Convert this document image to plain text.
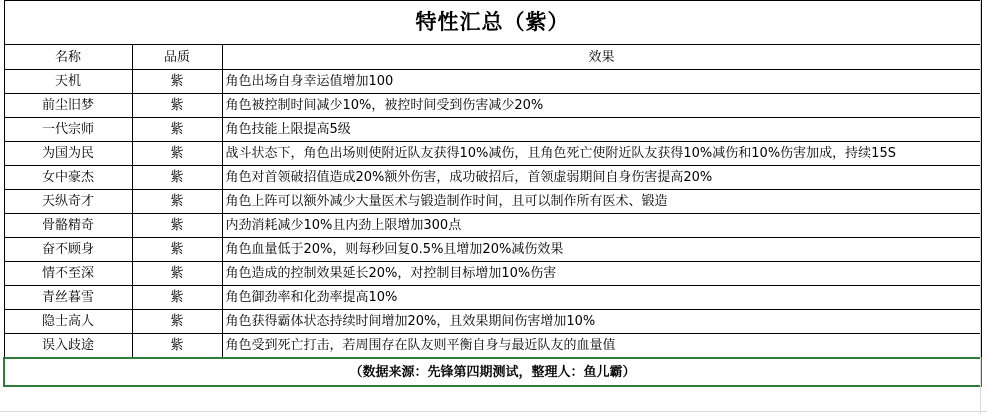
特性汇总（紫）		
名称	品质	效果
天机	紫	角色出场自身幸运值增加100
前尘旧梦	紫	角色被控制时间减少10%，被控时间受到伤害减少20%
一代宗师	紫	角色技能上限提高5级
为国为民	紫	战斗状态下，角色出场则使附近队友获得10%减伤，且角色死亡使附近队友获得10%减伤和10%伤害加成，持续15S
女中豪杰	紫	角色对首领破招值造成20%额外伤害，成功破招后，首领虚弱期间自身伤害提高20%
天纵奇才	紫	角色上阵可以额外减少大量医术与锻造制作时间，且可以制作所有医术、锻造
骨骼精奇	紫	内劲消耗减少10%且内劲上限增加300点
奋不顾身	紫	角色血量低于20%，则每秒回复0.5%且增加20%减伤效果
情不至深	紫	角色造成的控制效果延长20%，对控制目标增加10%伤害
青丝暮雪	紫	角色御劲率和化劲率提高10%
隐士高人	紫	角色获得霸体状态持续时间增加20%，且效果期间伤害增加10%
误入歧途	紫	角色受到死亡打击，若周围存在队友则平衡自身与最近队友的血量值
（数据来源：先锋第四期测试，整理人：鱼儿霸）		
